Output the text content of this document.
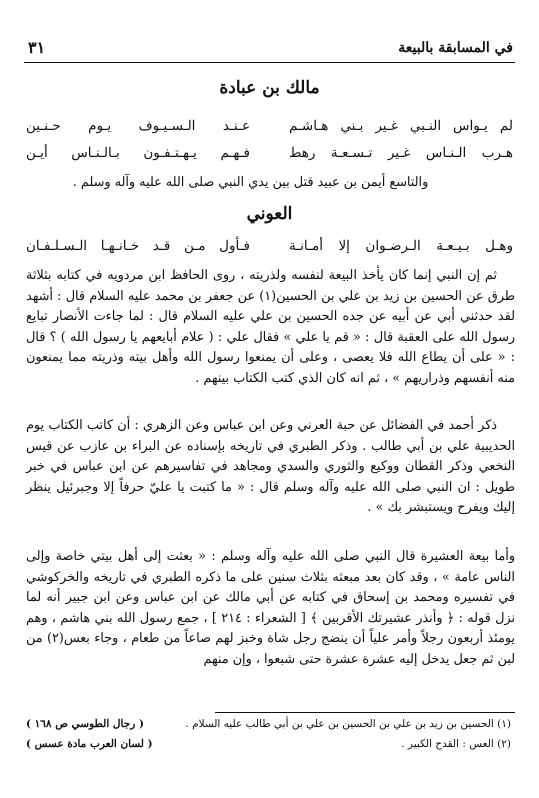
في المسابقة بالبيعة
٣١
مالك بن عبادة
لم يـواس النـبي غـير بـني هـاشـم
عـنـد الـسـيـوف يـوم حـنـين
هـرب الـنـاس غـير تـسـعـة رهط
فـهـم يـهـتـفـون بـالـنـاس أيـن

والتاسع أيمن بن عبيد قتل بين يدي النبي صلى الله عليه وآله وسلم .

العوني
وهـل بـيـعـة الـرضـوان إلا أمـانـة
فـأول مـن قـد خـانـهـا الـسـلـفـان

ثم إن النبي إنما كان يأخذ البيعة لنفسه ولذريته ، روى الحافظ ابن مردويه في كتابه بثلاثة طرق عن الحسين بن زيد بن علي بن الحسين(١) عن جعفر بن محمد عليه السلام قال : أشهد لقد حدثني أبي عن أبيه عن جده الحسين بن علي عليه السلام قال : لما جاءت الأنصار تبايع رسول الله على العقبة قال : « قم يا علي » فقال علي : ( علام أبايعهم يا رسول الله ) ؟ قال : « على أن يطاع الله فلا يعصى ، وعلى أن يمنعوا رسول الله وأهل بيته وذريته مما يمنعون منه أنفسهم وذراريهم » ، ثم انه كان الذي كتب الكتاب بينهم .

ذكر أحمد في الفضائل عن حبة العرني وعن ابن عباس وعن الزهري : أن كاتب الكتاب يوم الحديبية علي بن أبي طالب . وذكر الطبري في تاريخه بإسناده عن البراء بن عازب عن قيس النخعي وذكر القطان ووكيع والثوري والسدي ومجاهد في تفاسيرهم عن ابن عباس في خبر طويل : ان النبي صلى الله عليه وآله وسلم قال : « ما كتبت يا عليّ حرفاً إلا وجبرئيل ينظر إليك ويفرح ويستبشر بك » .

وأما بيعة العشيرة قال النبي صلى الله عليه وآله وسلم : « بعثت إلى أهل بيتي خاصة وإلى الناس عامة » ، وقد كان بعد مبعثه بثلاث سنين على ما ذكره الطبري في تاريخه والخركوشي في تفسيره ومحمد بن إسحاق في كتابه عن أبي مالك عن ابن عباس وعن ابن جبير أنه لما نزل قوله : ﴿ وأنذر عشيرتك الأقربين ﴾ [ الشعراء : ٢١٤ ] ، جمع رسول الله بني هاشم ، وهم يومئذ أربعون رجلاً وأمر علياً أن ينضج رجل شاة وخبز لهم صاعاً من طعام ، وجاء بعس(٢) من لبن ثم جعل يدخل إليه عشرة عشرة حتى شبعوا ، وإن منهم

(١) الحسين بن زيد بن علي بن الحسين بن علي بن أبي طالب عليه السلام .
( رجال الطوسي ص ١٦٨ )
(٢) العس : القدح الكبير .
( لسان العرب مادة عسس )
